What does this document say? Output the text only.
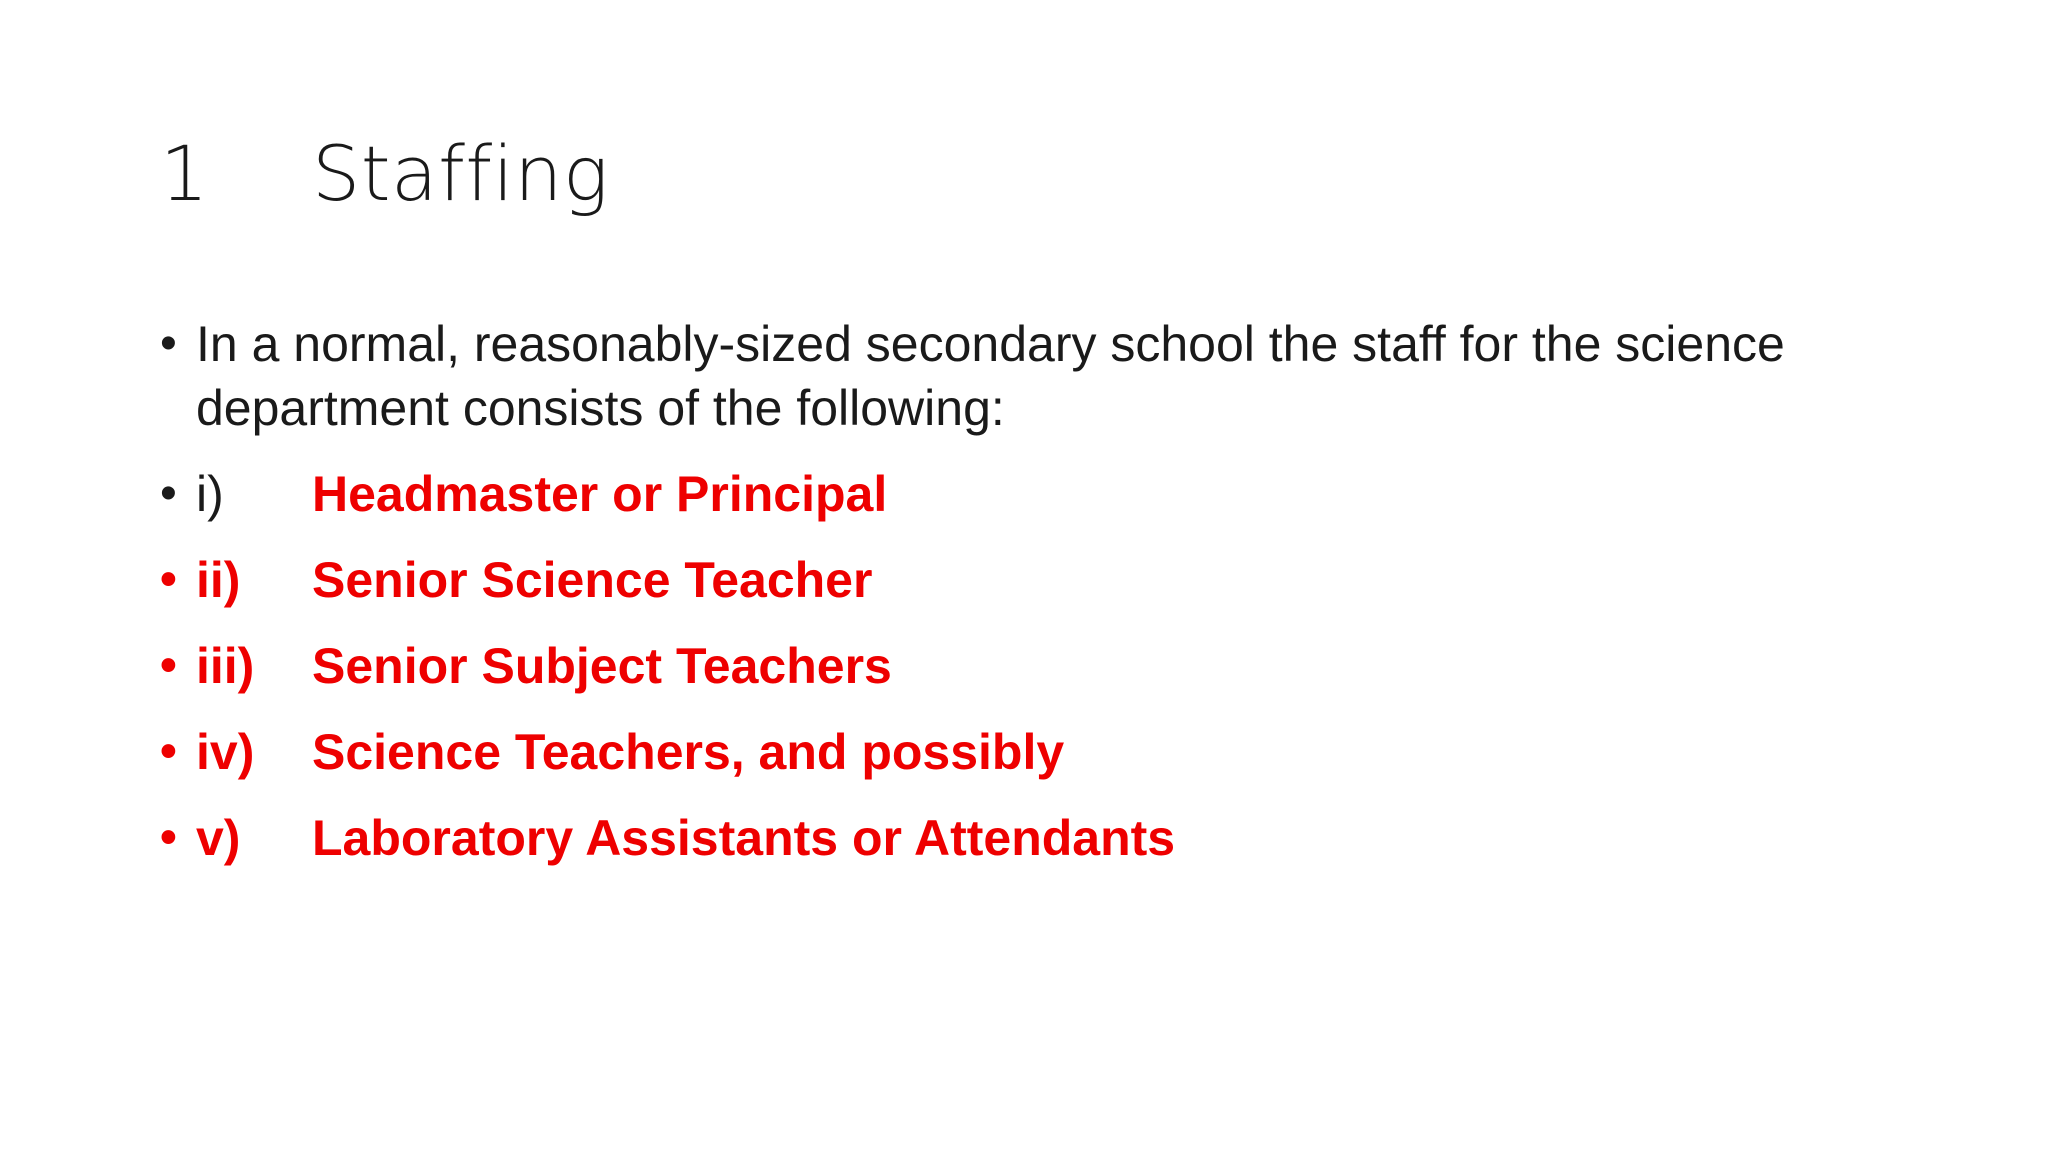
1	Staffing
• In a normal, reasonably-sized secondary school the staff for the science department consists of the following:
• i) Headmaster or Principal
• ii) Senior Science Teacher
• iii) Senior Subject Teachers
• iv) Science Teachers, and possibly
• v) Laboratory Assistants or Attendants
